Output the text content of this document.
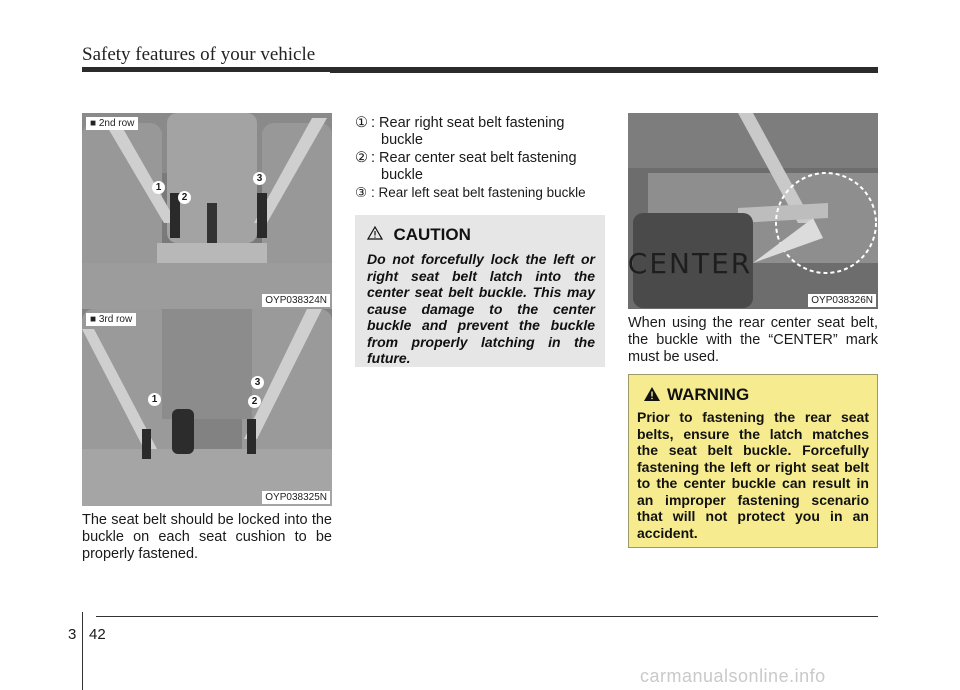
Safety features of your vehicle
■ 2nd row
OYP038324N
1
2
3
■ 3rd row
OYP038325N
1	2
3
The seat belt should be locked into the buckle on each seat cushion to be properly fastened.
① : Rear right seat belt fastening
buckle
② : Rear center seat belt fastening
buckle
③ : Rear left seat belt fastening buckle
CAUTION
Do not forcefully lock the left or right seat belt latch into the center seat belt buckle. This may cause damage to the center buckle and prevent the buckle from properly latching in the future.
CENTER
OYP038326N
When using the rear center seat belt, the buckle with the “CENTER” mark must be used.
WARNING
Prior to fastening the rear seat belts, ensure the latch matches the seat belt buckle. Forcefully fastening the left or right seat belt to the center buckle can result in an improper fastening scenario that will not protect you in an accident.
3 42
carmanualsonline.info
